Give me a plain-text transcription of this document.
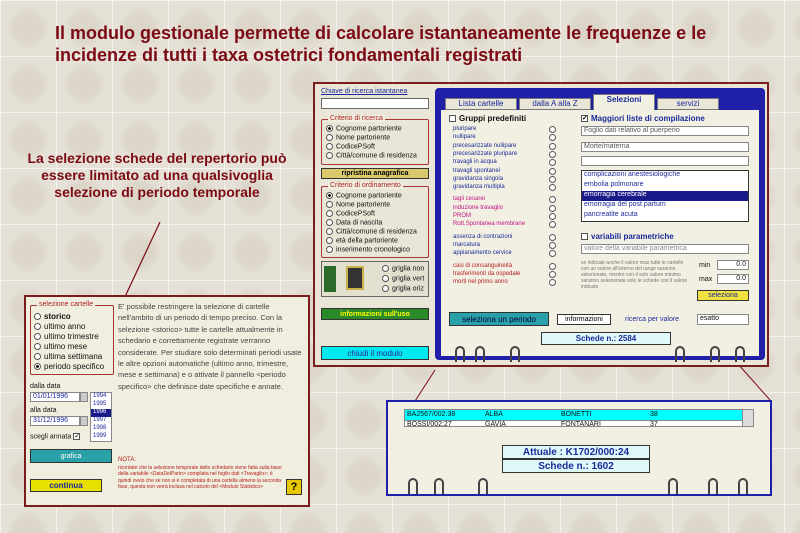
Il modulo gestionale permette di calcolare istantaneamente le frequenze e le incidenze di tutti i taxa ostetrici fondamentali registrati
La selezione schede del repertorio può essere limitato ad una qualsivoglia selezione di periodo temporale
Chiave di ricerca istantanea
Criterio di ricerca
Cognome partoriente
Nome partoriente
CodicePSoft
Città/comune di residenza
ripristina anagrafica
Criterio di ordinamento
Cognome partoriente
Nome partoriente
CodicePSoft
Data di nascita
Città/comune di residenza
età della partoriente
inserimento cronologico
griglia non
griglia vert
griglia oriz
informazioni sull'uso
chiudi il modulo
Lista cartelle	dalla A alla Z	Selezioni	servizi
Gruppi predefiniti
pluripare
nullipare
precesarizzate nullipare
precesarizzate pluripare
travagli in acqua
travagli spontanei
gravidanza singola
gravidanza multipla
tagli cesarei
induzione travaglio
PROM
Rott.Spontanea membrane
assenza di contrazioni
marcatura
appianamento cervice
casi di consanguineità
trasferimenti da ospedale
morti nel primo anno
✓ Maggiori liste di compilazione
Foglio dati relativo al puerperio
Morte/materna
complicazioni anestesiologiche
embolia polmonare
emorragia cerebrale
emorragia del post partum
pancreatite acuta
variabili parametriche
valore della variabile parametrica
se indicate anche il valore max tutte le cartelle con un valore all'interno del range saranno selezionate, mentre con il solo valore minimo saranno selezionate solo le schede con il valore indicato
min	0.0
max	0.0
seleziona
seleziona un periodo	informazioni	ricerca per valore	esatto
Schede n.: 2584
selezione cartelle
storico
ultimo anno
ultimo trimestre
ultimo mese
ultima settimana
periodo specifico
dalla data
01/01/1996
alla data
31/12/1996
1994
1995
1996
1997
1998
1999
scegli annata ✓
grafica
continua
E' possibile restringere la selezione di cartelle nell'ambito di un periodo di tempo preciso. Con la selezione <storico> tutte le cartelle attualmente in schedario e correttamente registrate verranno considerate. Per studiare solo determinati periodi usate le altre opzioni automatiche (ultimo anno, trimestre, mese e settimana) e o attivate il pannello <periodo specifico> che definisce date specifiche e annate.
NOTA:
ricordate che la selezione temporale dello schedario viene fatta sulla base della variabile <DataDelParto> compilata nel foglio dati <Travaglio>; è quindi ovvio che se non si è completata di una cartella almeno la seconda fase, questa non verrà inclusa nel calcolo del <Modulo Statistico>	?
BA2567/002:38	ALBA	BONETTI	38
BOSSI/002:27	GAVIA	FONTANARI	37
Attuale : K1702/000:24
Schede n.: 1602
